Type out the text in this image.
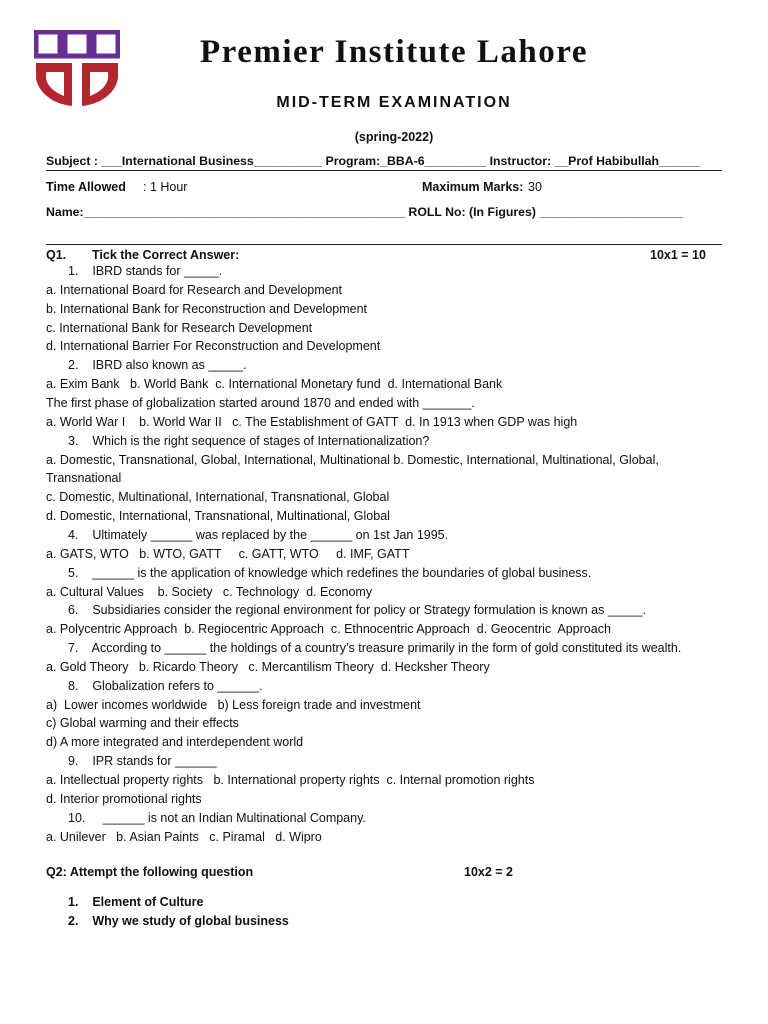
Premier Institute Lahore
MID-TERM EXAMINATION
(spring-2022)
Subject : ___International Business__________ Program:_BBA-6_________ Instructor: __Prof Habibullah______
Time Allowed : 1 Hour	Maximum Marks: 30
Name:_______________________________________________ ROLL No: (In Figures) _____________________
Q1. Tick the Correct Answer:	10x1 = 10
1.    IBRD stands for _____.
a. International Board for Research and Development
b. International Bank for Reconstruction and Development
c. International Bank for Research Development
d. International Barrier For Reconstruction and Development
2.    IBRD also known as _____.
a. Exim Bank   b. World Bank  c. International Monetary fund  d. International Bank
The first phase of globalization started around 1870 and ended with _______.
a. World War I    b. World War II   c. The Establishment of GATT  d. In 1913 when GDP was high
3.    Which is the right sequence of stages of Internationalization?
a. Domestic, Transnational, Global, International, Multinational b. Domestic, International, Multinational, Global,
Transnational
c. Domestic, Multinational, International, Transnational, Global
d. Domestic, International, Transnational, Multinational, Global
4.    Ultimately ______ was replaced by the ______ on 1st Jan 1995.
a. GATS, WTO   b. WTO, GATT     c. GATT, WTO     d. IMF, GATT
5.    ______ is the application of knowledge which redefines the boundaries of global business.
a. Cultural Values    b. Society   c. Technology  d. Economy
6.    Subsidiaries consider the regional environment for policy or Strategy formulation is known as _____.
a. Polycentric Approach  b. Regiocentric Approach  c. Ethnocentric Approach  d. Geocentric  Approach
7.    According to ______ the holdings of a country’s treasure primarily in the form of gold constituted its wealth.
a. Gold Theory   b. Ricardo Theory   c. Mercantilism Theory  d. Hecksher Theory
8.    Globalization refers to ______.
a)  Lower incomes worldwide   b) Less foreign trade and investment
c) Global warming and their effects
d) A more integrated and interdependent world
9.    IPR stands for ______
a. Intellectual property rights   b. International property rights  c. Internal promotion rights
d. Interior promotional rights
10.     ______ is not an Indian Multinational Company.
a. Unilever   b. Asian Paints   c. Piramal   d. Wipro
Q2: Attempt the following question	10x2 = 2
1.    Element of Culture
2.    Why we study of global business
